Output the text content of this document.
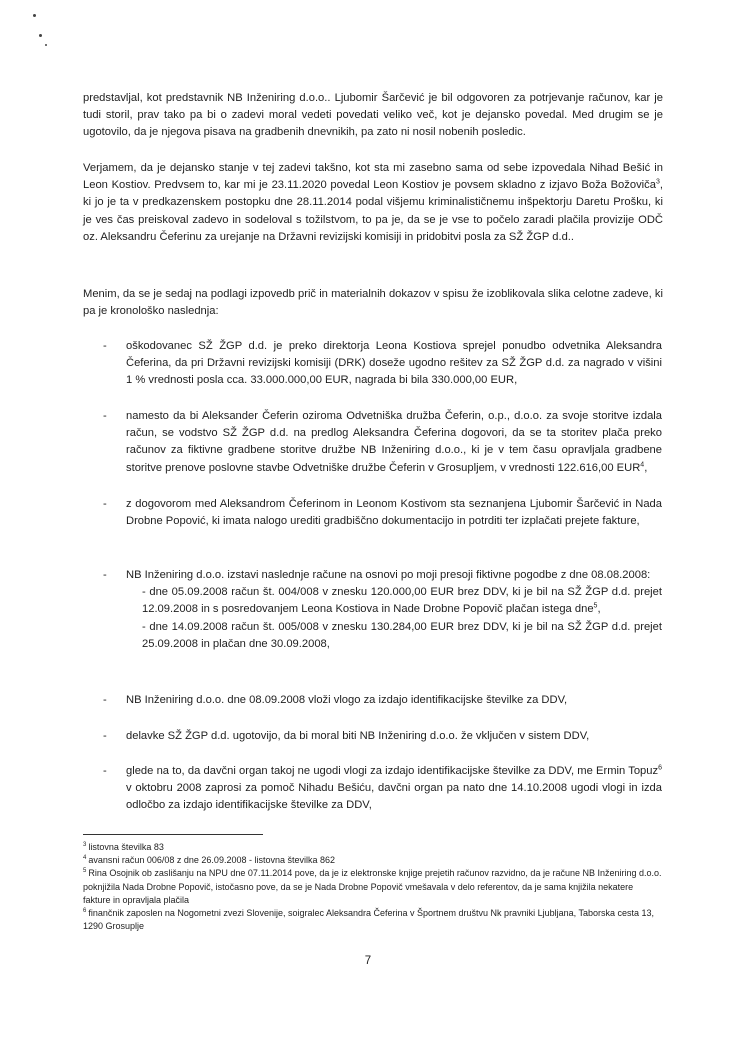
predstavljal, kot predstavnik NB Inženiring d.o.o.. Ljubomir Šarčević je bil odgovoren za potrjevanje računov, kar je tudi storil, prav tako pa bi o zadevi moral vedeti povedati veliko več, kot je dejansko povedal. Med drugim se je ugotovilo, da je njegova pisava na gradbenih dnevnikih, pa zato ni nosil nobenih posledic.

Verjamem, da je dejansko stanje v tej zadevi takšno, kot sta mi zasebno sama od sebe izpovedala Nihad Bešić in Leon Kostiov. Predvsem to, kar mi je 23.11.2020 povedal Leon Kostiov je povsem skladno z izjavo Boža Božoviča$^3$, ki jo je ta v predkazenskem postopku dne 28.11.2014 podal višjemu kriminalističnemu inšpektorju Daretu Prošku, ki je ves čas preiskoval zadevo in sodeloval s tožilstvom, to pa je, da se je vse to počelo zaradi plačila provizije ODČ oz. Aleksandru Čeferinu za urejanje na Državni revizijski komisiji in pridobitvi posla za SŽ ŽGP d.d..

Menim, da se je sedaj na podlagi izpovedb prič in materialnih dokazov v spisu že izoblikovala slika celotne zadeve, ki pa je kronološko naslednja:

- oškodovanec SŽ ŽGP d.d. je preko direktorja Leona Kostiova sprejel ponudbo odvetnika Aleksandra Čeferina, da pri Državni revizijski komisiji (DRK) doseže ugodno rešitev za SŽ ŽGP d.d. za nagrado v višini 1 % vrednosti posla cca. 33.000.000,00 EUR, nagrada bi bila 330.000,00 EUR,

- namesto da bi Aleksander Čeferin oziroma Odvetniška družba Čeferin, o.p., d.o.o. za svoje storitve izdala račun, se vodstvo SŽ ŽGP d.d. na predlog Aleksandra Čeferina dogovori, da se ta storitev plača preko računov za fiktivne gradbene storitve družbe NB Inženiring d.o.o., ki je v tem času opravljala gradbene storitve prenove poslovne stavbe Odvetniške družbe Čeferin v Grosupljem, v vrednosti 122.616,00 EUR$^4$,

- z dogovorom med Aleksandrom Čeferinom in Leonom Kostivom sta seznanjena Ljubomir Šarčević in Nada Drobne Popović, ki imata nalogo urediti gradbiščno dokumentacijo in potrditi ter izplačati prejete fakture,

- NB Inženiring d.o.o. izstavi naslednje račune na osnovi po moji presoji fiktivne pogodbe z dne 08.08.2008:
- dne 05.09.2008 račun št. 004/008 v znesku 120.000,00 EUR brez DDV, ki je bil na SŽ ŽGP d.d. prejet 12.09.2008 in s posredovanjem Leona Kostiova in Nade Drobne Popovič plačan istega dne$^5$,
- dne 14.09.2008 račun št. 005/008 v znesku 130.284,00 EUR brez DDV, ki je bil na SŽ ŽGP d.d. prejet 25.09.2008 in plačan dne 30.09.2008,

- NB Inženiring d.o.o. dne 08.09.2008 vloži vlogo za izdajo identifikacijske številke za DDV,

- delavke SŽ ŽGP d.d. ugotovijo, da bi moral biti NB Inženiring d.o.o. že vključen v sistem DDV,

- glede na to, da davčni organ takoj ne ugodi vlogi za izdajo identifikacijske številke za DDV, me Ermin Topuz$^6$ v oktobru 2008 zaprosi za pomoč Nihadu Bešiću, davčni organ pa nato dne 14.10.2008 ugodi vlogi in izda odločbo za izdajo identifikacijske številke za DDV,

$^3$ listovna številka 83
$^4$ avansni račun 006/08 z dne 26.09.2008 - listovna številka 862
$^5$ Rina Osojnik ob zaslišanju na NPU dne 07.11.2014 pove, da je iz elektronske knjige prejetih računov razvidno, da je račune NB Inženiring d.o.o. poknjižila Nada Drobne Popovič, istočasno pove, da se je Nada Drobne Popovič vmešavala v delo referentov, da je sama knjižila nekatere fakture in opravljala plačila
$^6$ finančnik zaposlen na Nogometni zvezi Slovenije, soigralec Aleksandra Čeferina v Športnem društvu Nk pravniki Ljubljana, Taborska cesta 13, 1290 Grosuplje
7
